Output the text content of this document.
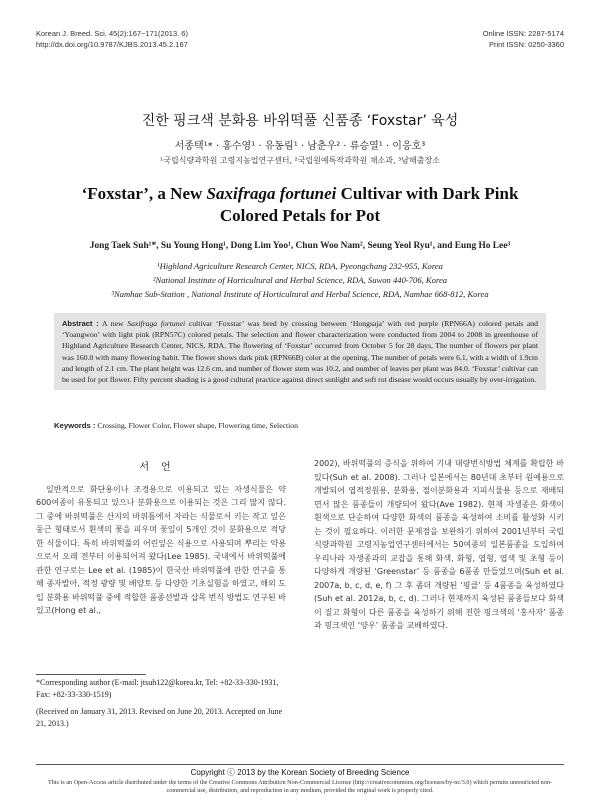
Korean J. Breed. Sci. 45(2):167~171(2013. 6)
http://dx.doi.org/10.9787/KJBS.2013.45.2.167
Online ISSN: 2287-5174
Print ISSN: 0250-3360
진한 핑크색 분화용 바위떡풀 신품종 ‘Foxstar’ 육성
서종택¹* · 홍수영¹ · 유동림¹ · 남춘우² · 류승열¹ · 이응호³
¹국립식량과학원 고령지농업연구센터, ²국립원예특작과학원 채소과, ³남해출장소
‘Foxstar’, a New Saxifraga fortunei Cultivar with Dark Pink
Colored Petals for Pot
Jong Taek Suh¹*, Su Young Hong¹, Dong Lim Yoo¹, Chun Woo Nam², Seung Yeol Ryu¹, and Eung Ho Lee³
¹Highland Agriculture Research Center, NICS, RDA, Pyeongchang 232-955, Korea
²National Institute of Horticultural and Herbal Science, RDA, Suwon 440-706, Korea
³Namhae Sub-Station , National Institute of Horticultural and Herbal Science, RDA, Namhae 668-812, Korea
Abstract : A new Saxifraga fortunei cultivar ‘Foxstar’ was bred by crossing between ‘Hongsaja’ with red purple (RPN66A) colored petals and ‘Yoangwoo’ with light pink (RPN57C) colored petals. The selection and flower characterization were conducted from 2004 to 2008 in greenhouse of Highland Agriculture Research Center, NICS, RDA. The flowering of ‘Foxstar’ occurred from October 5 for 28 days, The number of flowers per plant was 160.0 with many flowering habit. The flower shows dark pink (RPN66B) color at the opening, The number of petals were 6.1, with a width of 1.9cm and length of 2.1 cm. The plant height was 12.6 cm, and number of flower stem was 10.2, and number of leaves per plant was 84.0. ‘Foxstar’ cultivar can be used for pot flower. Fifty percent shading is a good cultural practice against direct sunlight and soft rot disease would occurs usually by over-irrigation.
Keywords : Crossing, Flower Color, Flower shape, Flowering time, Selection
서언

일반적으로 화단용이나 조경용으로 이용되고 있는 자생식물은 약 600여종이 유통되고 있으나 분화용으로 이용되는 것은 그리 많지 않다. 그 중에 바위떡풀은 산지의 바위틈에서 자라는 식물로서 키는 작고 잎은 둥근 형태로서 흰색의 꽃을 피우며 꽃잎이 5개인 것이 분화용으로 적당한 식물이다. 특히 바위떡풀의 어린잎은 식용으로 사용되며 뿌리는 약용으로서 오래 전부터 이용되어져 왔다(Lee 1985). 국내에서 바위떡풀에 관한 연구로는 Lee et al. (1985)이 한국산 바위떡풀에 관한 연구를 통해 종자발아, 적정 광량 및 배양토 등 다양한 기초실험을 하였고, 해외 도입 분화용 바위떡풀 중에 적합한 품종선발과 삽목 번식 방법도 연구된 바 있고(Hong et al.,

2002), 바위떡풀의 증식을 위하여 기내 대량번식방법 체계를 확립한 바 있다(Suh et al. 2008). 그러나 일본에서는 80년대 초부터 원예용으로 개발되어 엽적정원용, 분화용, 절이분화용과 지피식물용 등으로 재배되면서 많은 품종들이 개량되어 왔다(Ave 1982). 현재 자생종은 화색이 흰색으로 단순하여 다양한 화색의 품종을 육성하여 소비를 활성화 시키는 것이 필요하다. 이러한 문제점을 보완하기 위하여 2001년부터 국립식량과학원 고령지농업연구센터에서는 50여종의 일본품종을 도입하여 우리나라 자생종과의 교잡을 통해 화색, 화형, 엽형, 엽색 및 초형 등이 다양하게 개량된 ‘Greenstar’ 등 품종을 6품종 만들었으며(Suh et al. 2007a, b, c, d, e, f) 그 후 좀더 개량된 ‘핑클’ 등 4품종을 육성하였다 (Suh et al. 2012a, b, c, d). 그러나 현재까지 육성된 품종들보다 화색이 짙고 화형이 다른 품종을 육성하기 위해 진한 핑크색의 ‘홍사자’ 품종과 핑크색인 ‘양우’ 품종을 교배하였다.

*Corresponding author (E-mail: jtsuh122@korea.kr, Tel: +82-33-330-1931, Fax: +82-33-330-1519)
(Received on January 31, 2013. Revised on June 20, 2013. Accepted on June 21, 2013.)
Copyright ⓒ 2013 by the Korean Society of Breeding Science
This is an Open-Access article distributed under the terms of the Creative Commons Attribution Non-Commercial License (http://creativecommons.org/licenses/by-nc/3.0) which permits unrestricted non-commercial use, distribution, and reproduction in any medium, provided the original work is properly cited.
